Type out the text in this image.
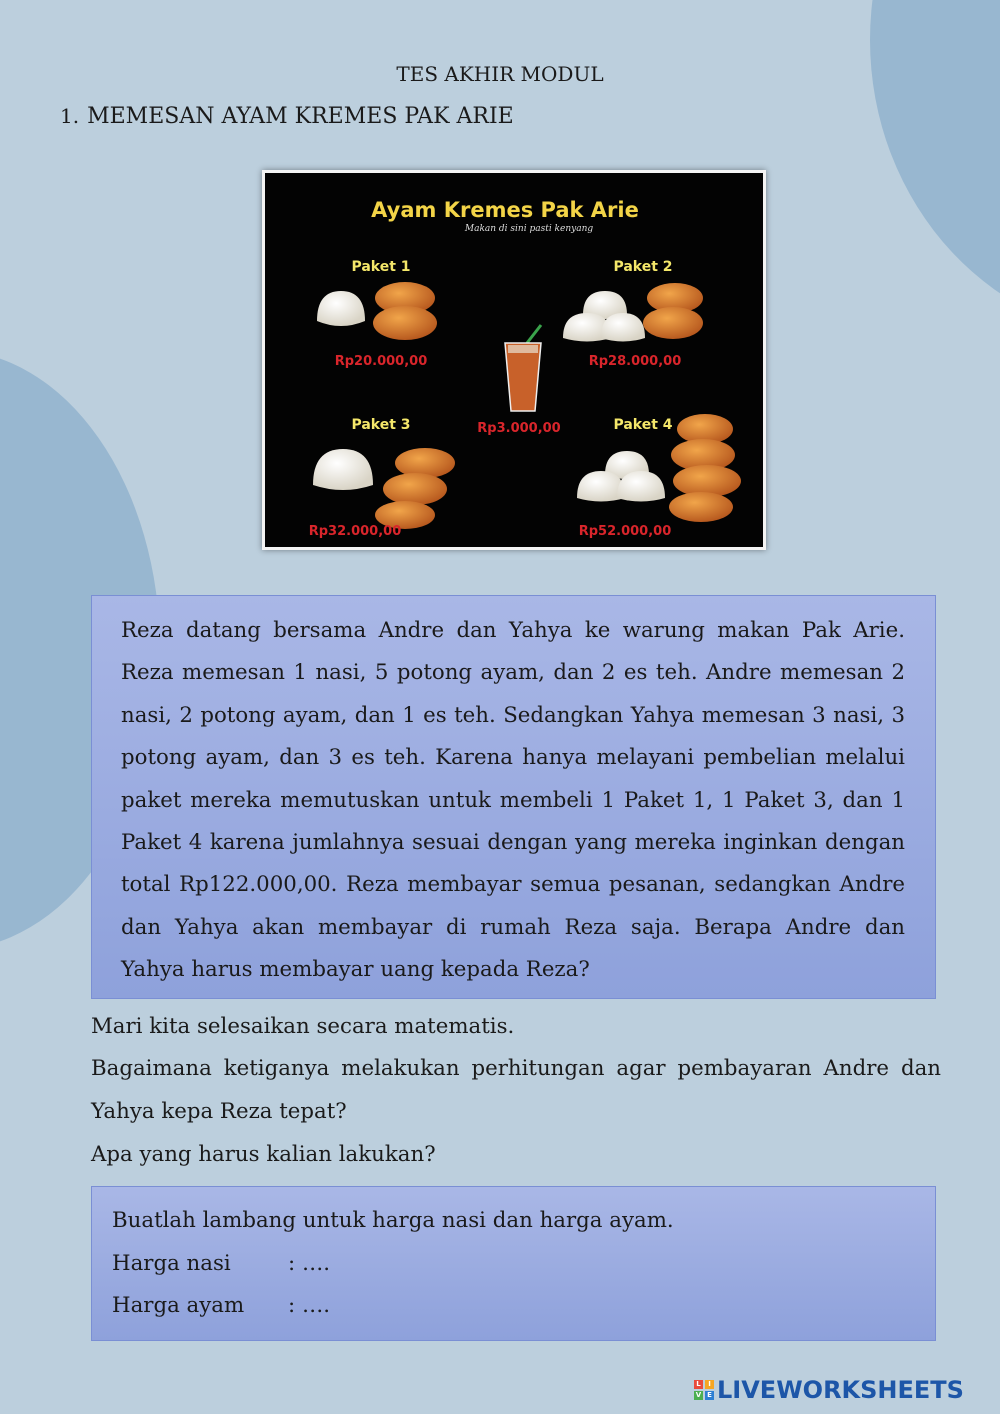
TES AKHIR MODUL
1. MEMESAN AYAM KREMES PAK ARIE
Ayam Kremes Pak Arie
Makan di sini pasti kenyang
Paket 1
Rp20.000,00
Paket 2
Rp28.000,00
Rp3.000,00
Paket 3
Rp32.000,00
Paket 4
Rp52.000,00

Reza datang bersama Andre dan Yahya ke warung makan Pak Arie. Reza memesan 1 nasi, 5 potong ayam, dan 2 es teh. Andre memesan 2 nasi, 2 potong ayam, dan 1 es teh. Sedangkan Yahya memesan 3 nasi, 3 potong ayam, dan 3 es teh. Karena hanya melayani pembelian melalui paket mereka memutuskan untuk membeli 1 Paket 1, 1 Paket 3, dan 1 Paket 4 karena jumlahnya sesuai dengan yang mereka inginkan dengan total Rp122.000,00. Reza membayar semua pesanan, sedangkan Andre dan Yahya akan membayar di rumah Reza saja. Berapa Andre dan Yahya harus membayar uang kepada Reza?

Mari kita selesaikan secara matematis.
Bagaimana ketiganya melakukan perhitungan agar pembayaran Andre dan
Yahya kepa Reza tepat?
Apa yang harus kalian lakukan?
Buatlah lambang untuk harga nasi dan harga ayam.
Harga nasi	: ….
Harga ayam : ….
L	I
V E LIVEWORKSHEETS
